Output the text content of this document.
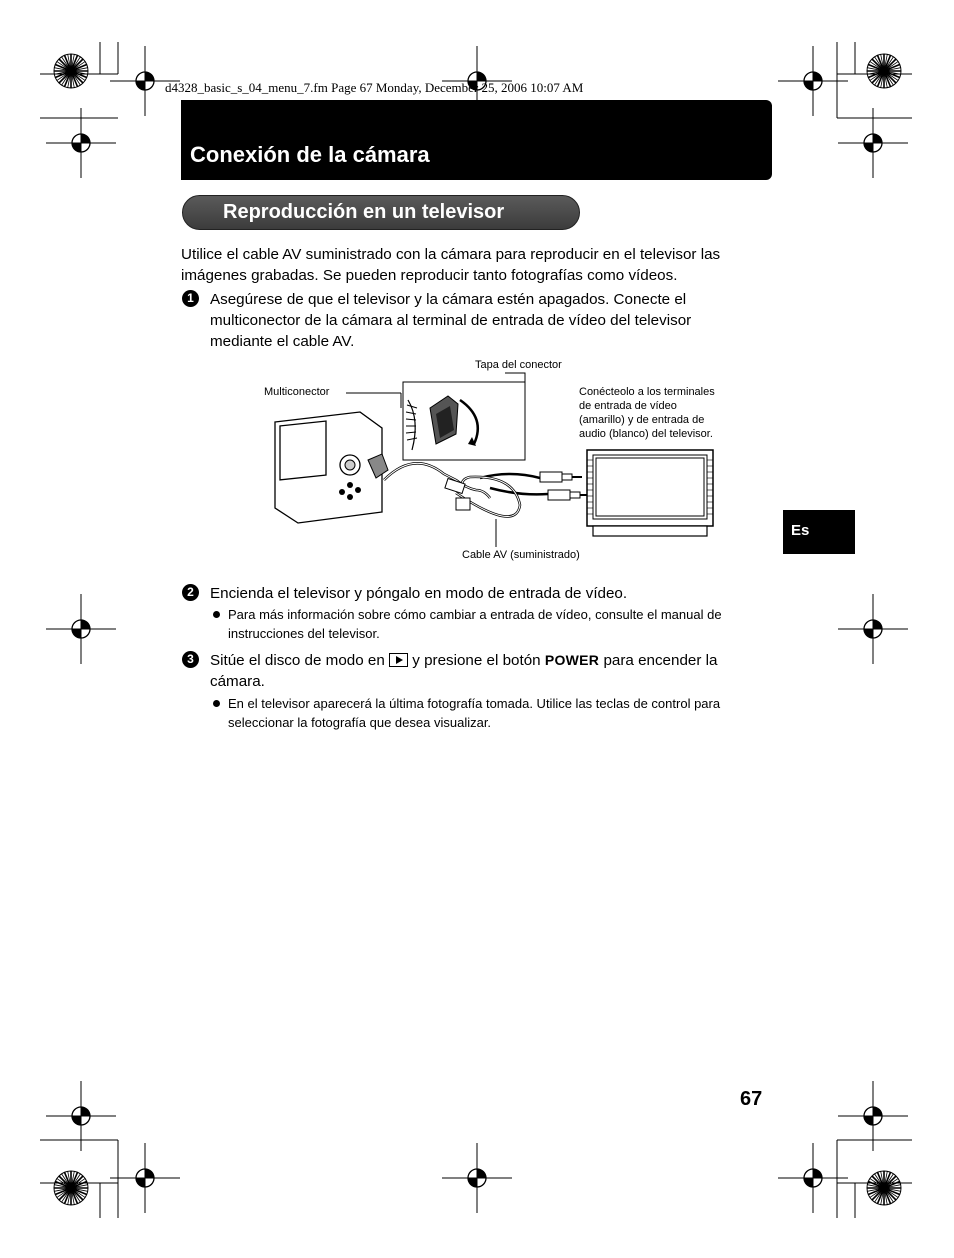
d4328_basic_s_04_menu_7.fm Page 67 Monday, December 25, 2006 10:07 AM
Conexión de la cámara
Reproducción en un televisor
Utilice el cable AV suministrado con la cámara para reproducir en el televisor las
imágenes grabadas. Se pueden reproducir tanto fotografías como vídeos.
1	Asegúrese de que el televisor y la cámara estén apagados. Conecte el
multiconector de la cámara al terminal de entrada de vídeo del televisor
mediante el cable AV.
Multiconector
Tapa del conector
Conécteolo a los terminales
de entrada de vídeo
(amarillo) y de entrada de
audio (blanco) del televisor.
Cable AV (suministrado)
2	Encienda el televisor y póngalo en modo de entrada de vídeo.
Para más información sobre cómo cambiar a entrada de vídeo, consulte el manual de
instrucciones del televisor.
3	Sitúe el disco de modo en y presione el botón POWER para encender la
cámara.
En el televisor aparecerá la última fotografía tomada. Utilice las teclas de control para
seleccionar la fotografía que desea visualizar.
Es
67
